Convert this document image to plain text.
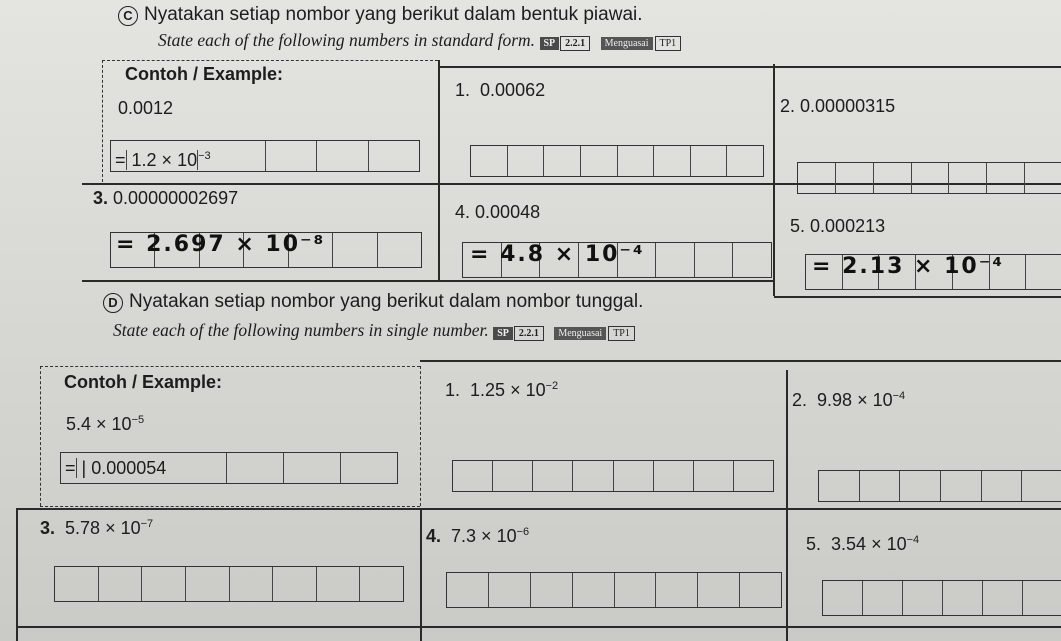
C Nyatakan setiap nombor yang berikut dalam bentuk piawai.
State each of the following numbers in standard form. SP 2.2.1 Menguasai TP1
Contoh / Example:
0.0012
= $1.2 \times 10^{-3}$
1. 0.00062
2. 0.00000315
3. 0.00000002697
= 2.697 × 10⁻⁸
4. 0.00048
= 4.8 × 10⁻⁴
5. 0.000213
= 2.13 × 10⁻⁴
D Nyatakan setiap nombor yang berikut dalam nombor tunggal.
State each of the following numbers in single number. SP 2.2.1 Menguasai TP1
Contoh / Example:
$5.4 \times 10^{-5}$
= | 0.000054
1. $1.25 \times 10^{-2}$
2. $9.98 \times 10^{-4}$
3. $5.78 \times 10^{-7}$
4. $7.3 \times 10^{-6}$
5. $3.54 \times 10^{-4}$
